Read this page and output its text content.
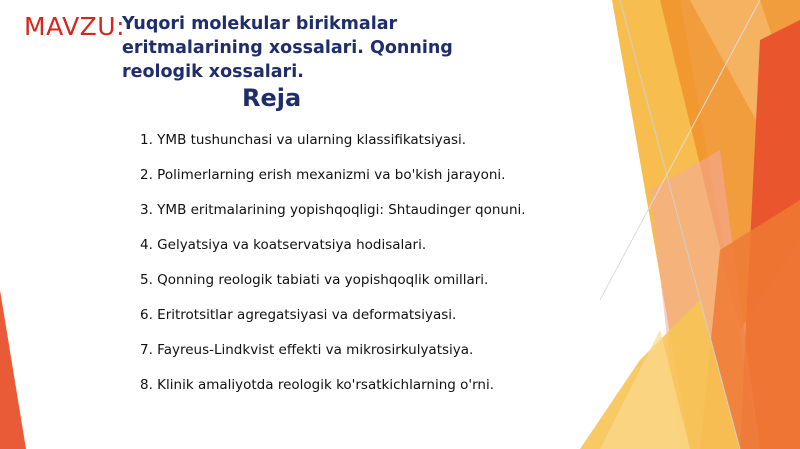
MAVZU:
Yuqori molekular birikmalar
eritmalarining xossalari. Qonning
reologik xossalari.
Reja
1. YMB tushunchasi va ularning klassifikatsiyasi.
2. Polimerlarning erish mexanizmi va bo'kish jarayoni.
3. YMB eritmalarining yopishqoqligi: Shtaudinger qonuni.
4. Gelyatsiya va koatservatsiya hodisalari.
5. Qonning reologik tabiati va yopishqoqlik omillari.
6. Eritrotsitlar agregatsiyasi va deformatsiyasi.
7. Fayreus-Lindkvist effekti va mikrosirkulyatsiya.
8. Klinik amaliyotda reologik ko'rsatkichlarning o'rni.
